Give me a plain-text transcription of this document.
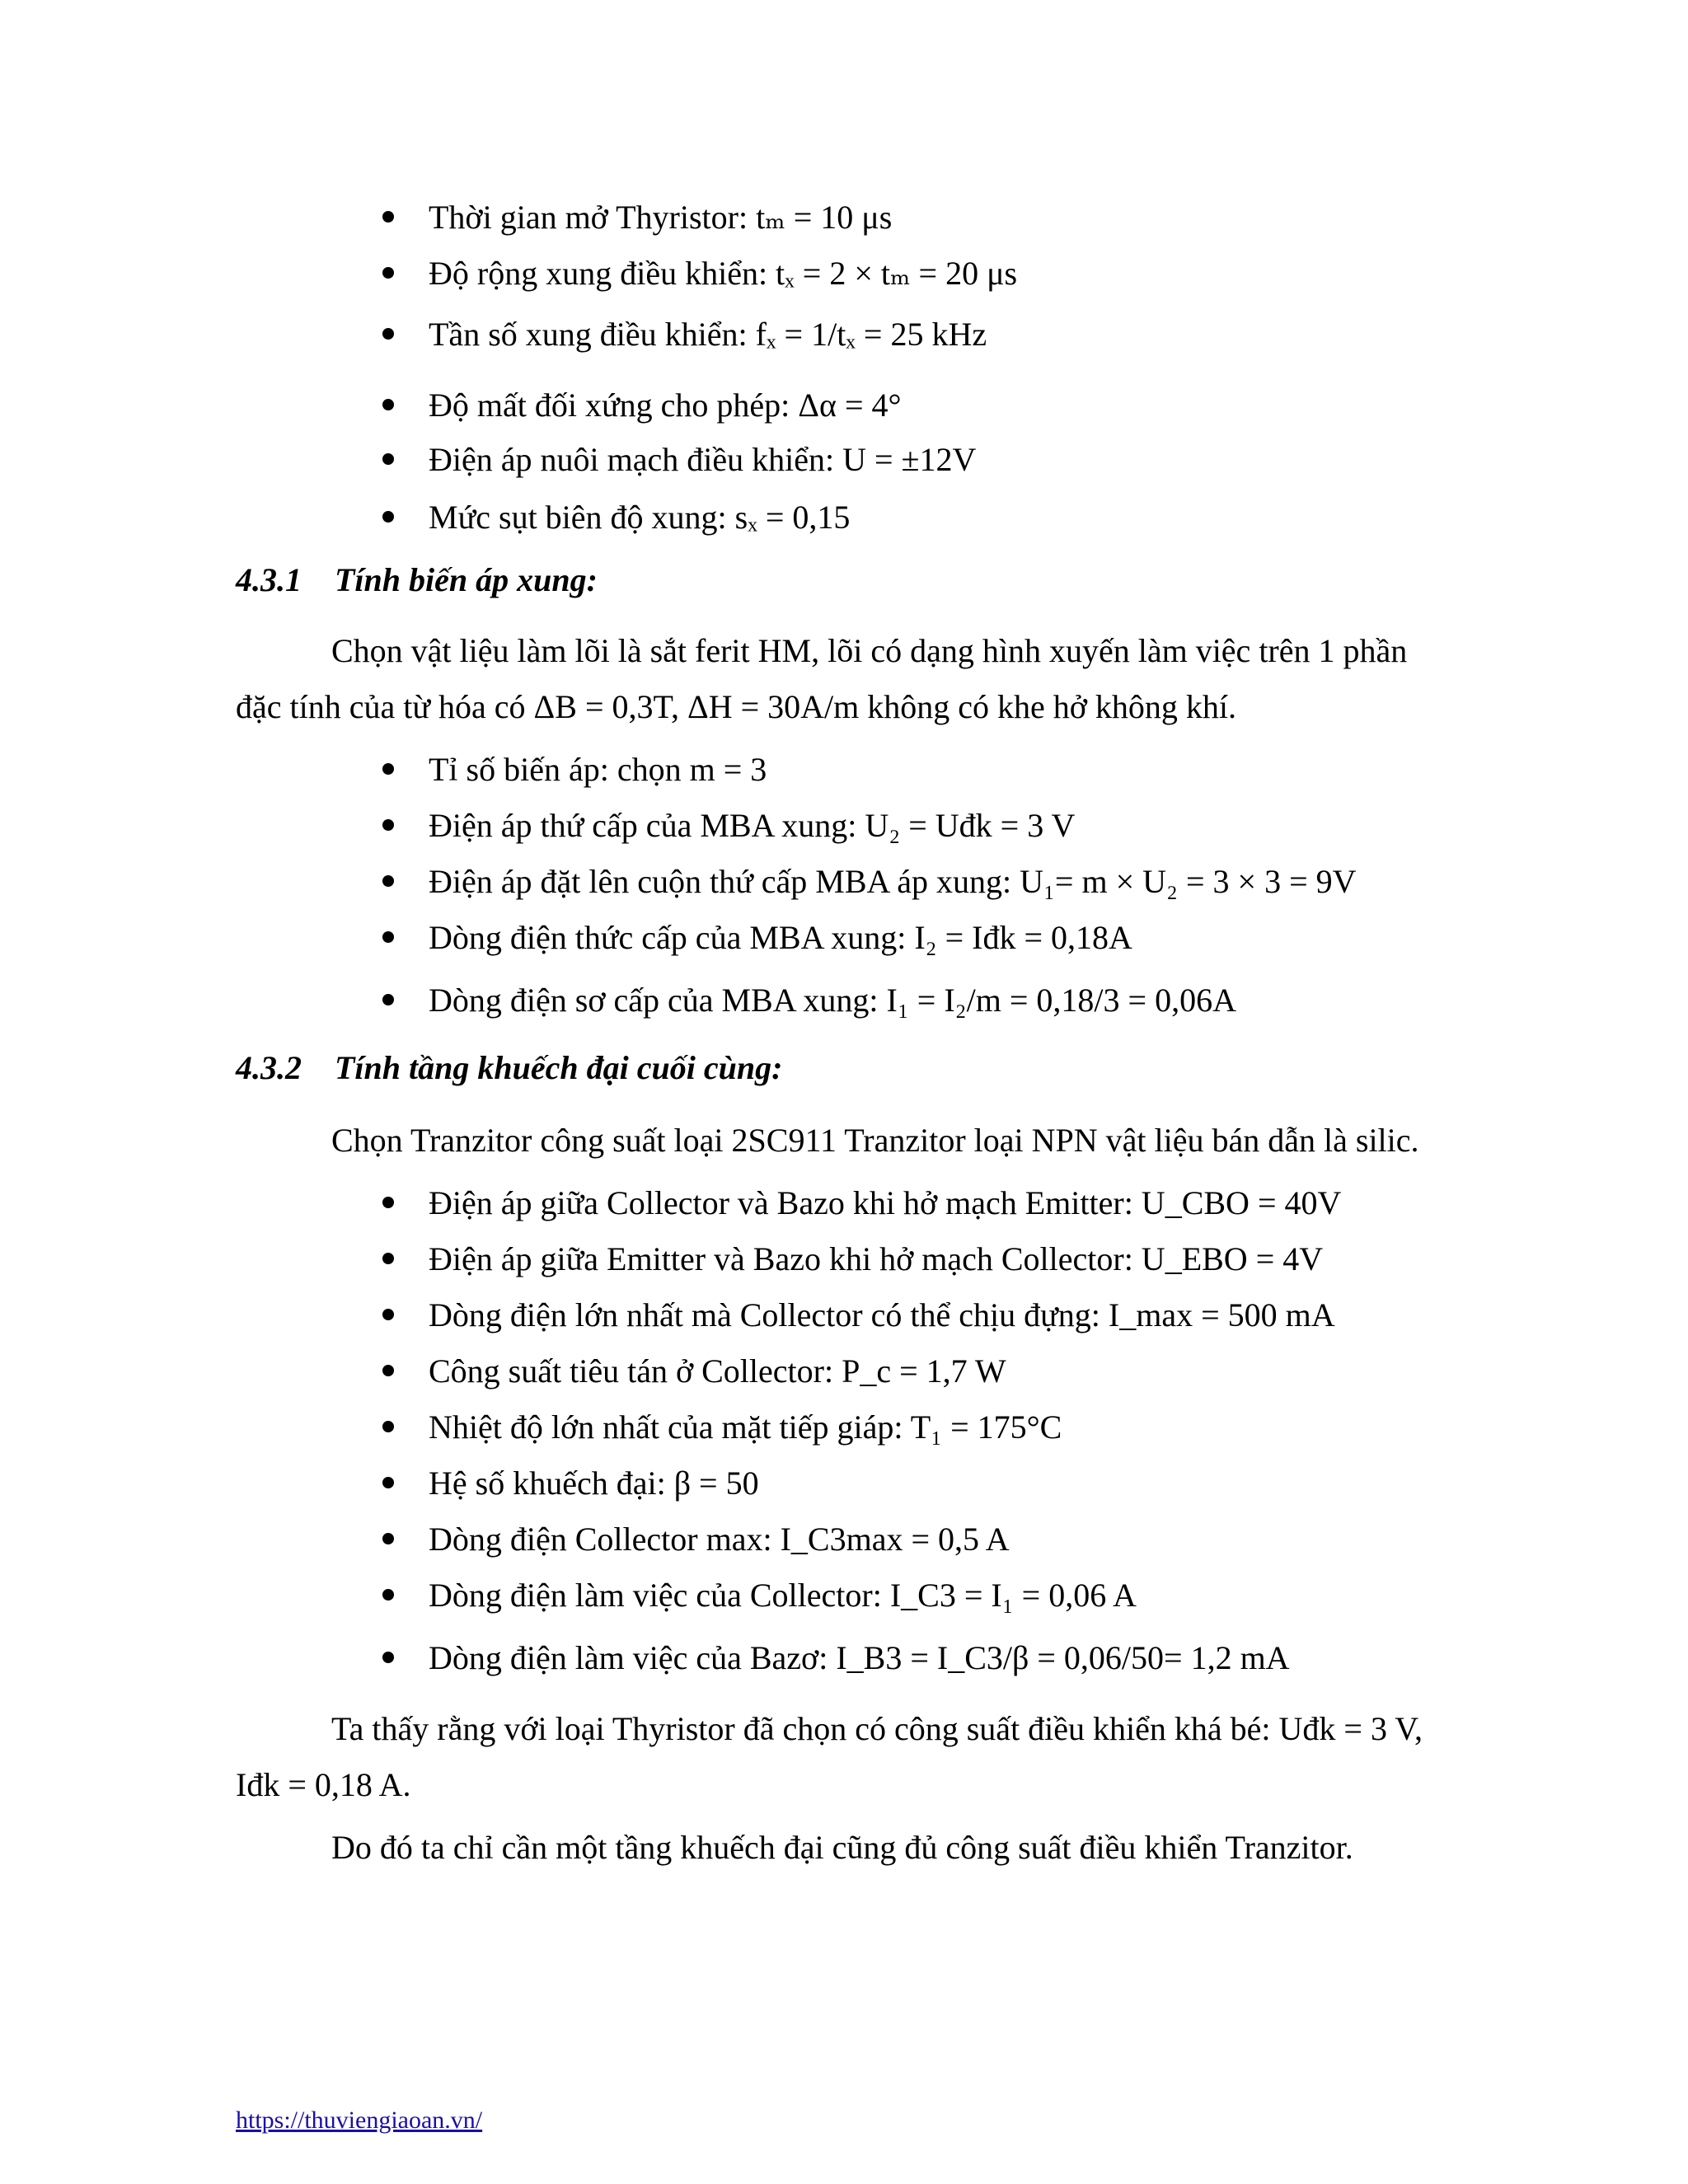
Thời gian mở Thyristor: tₘ = 10 μs
Độ rộng xung điều khiển: tₓ = 2 × tₘ = 20 μs
Tần số xung điều khiển: fₓ = 1/tₓ = 25 kHz
Độ mất đối xứng cho phép: Δα = 4°
Điện áp nuôi mạch điều khiển: U = ±12V
Mức sụt biên độ xung: sₓ = 0,15
4.3.1 Tính biến áp xung:
Chọn vật liệu làm lõi là sắt ferit HM, lõi có dạng hình xuyến làm việc trên 1 phần
đặc tính của từ hóa có ΔB = 0,3T, ΔH = 30A/m không có khe hở không khí.
Tỉ số biến áp: chọn m = 3
Điện áp thứ cấp của MBA xung: U₂ = Uđk = 3 V
Điện áp đặt lên cuộn thứ cấp MBA áp xung: U₁= m × U₂ = 3 × 3 = 9V
Dòng điện thức cấp của MBA xung: I₂ = Iđk = 0,18A
Dòng điện sơ cấp của MBA xung: I₁ = I₂/m = 0,18/3 = 0,06A
4.3.2 Tính tầng khuếch đại cuối cùng:
Chọn Tranzitor công suất loại 2SC911 Tranzitor loại NPN vật liệu bán dẫn là silic.
Điện áp giữa Collector và Bazo khi hở mạch Emitter: U_CBO = 40V
Điện áp giữa Emitter và Bazo khi hở mạch Collector: U_EBO = 4V
Dòng điện lớn nhất mà Collector có thể chịu đựng: I_max = 500 mA
Công suất tiêu tán ở Collector: P_c = 1,7 W
Nhiệt độ lớn nhất của mặt tiếp giáp: T₁ = 175°C
Hệ số khuếch đại: β = 50
Dòng điện Collector max: I_C3max = 0,5 A
Dòng điện làm việc của Collector: I_C3 = I₁ = 0,06 A
Dòng điện làm việc của Bazơ: I_B3 = I_C3/β = 0,06/50= 1,2 mA
Ta thấy rằng với loại Thyristor đã chọn có công suất điều khiển khá bé: Uđk = 3 V,
Iđk = 0,18 A.
Do đó ta chỉ cần một tầng khuếch đại cũng đủ công suất điều khiển Tranzitor.
https://thuviengiaoan.vn/
